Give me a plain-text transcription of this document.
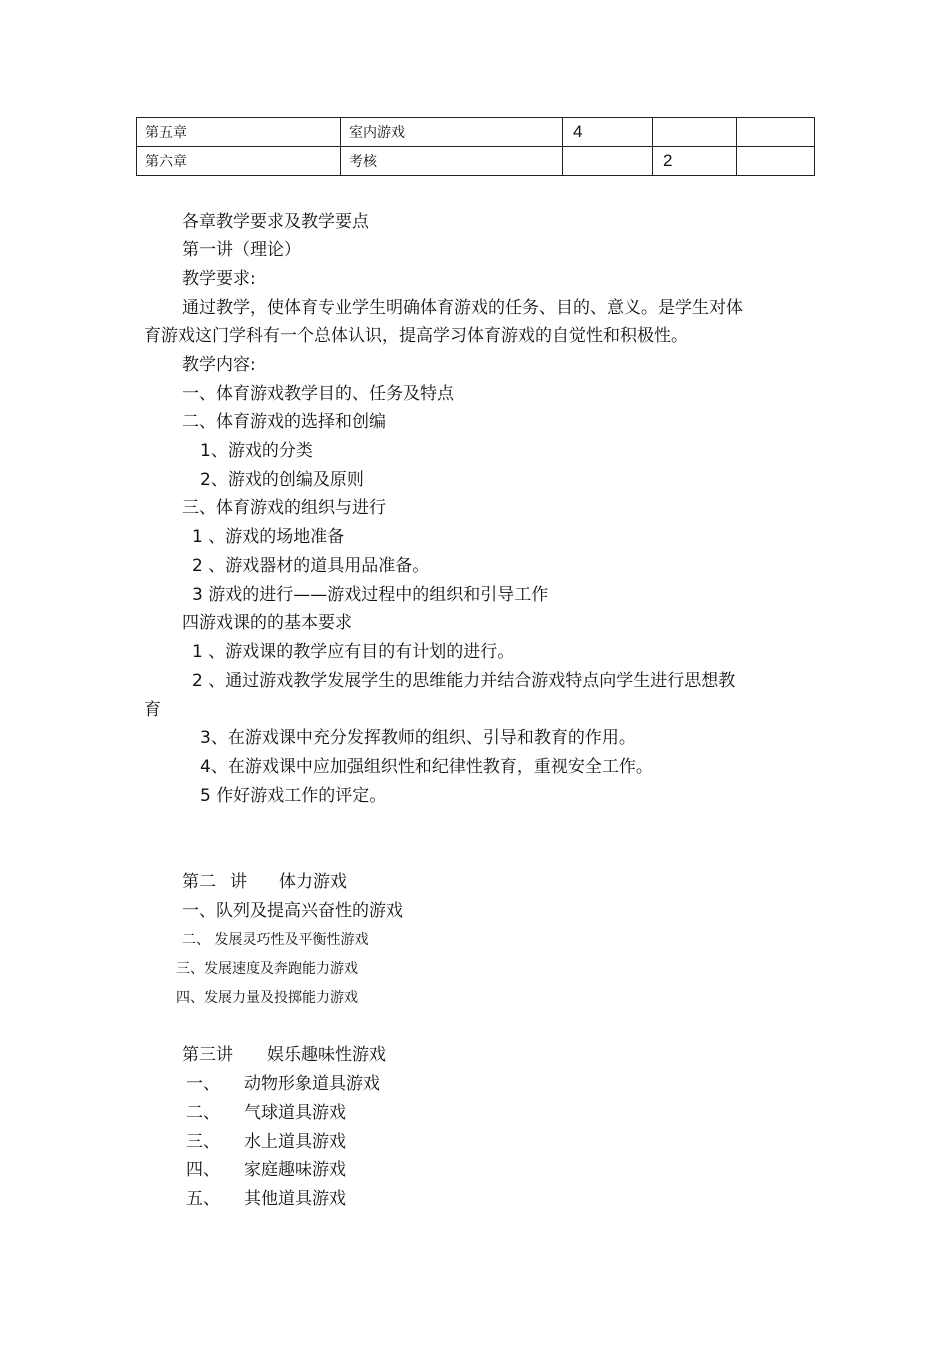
第五章	室内游戏	4		
第六章	考核		2	
各章教学要求及教学要点
第一讲（理论）
教学要求:
通过教学，使体育专业学生明确体育游戏的任务、目的、意义。是学生对体
育游戏这门学科有一个总体认识，提高学习体育游戏的自觉性和积极性。
教学内容:
一、体育游戏教学目的、任务及特点
二、体育游戏的选择和创编
1、游戏的分类
2、游戏的创编及原则
三、体育游戏的组织与进行
1 、游戏的场地准备
2 、游戏器材的道具用品准备。
3 游戏的进行——游戏过程中的组织和引导工作
四游戏课的的基本要求
1 、游戏课的教学应有目的有计划的进行。
2 、通过游戏教学发展学生的思维能力并结合游戏特点向学生进行思想教
育
3、在游戏课中充分发挥教师的组织、引导和教育的作用。
4、在游戏课中应加强组织性和纪律性教育，重视安全工作。
5 作好游戏工作的评定。
第二 讲 体力游戏
一、队列及提高兴奋性的游戏
二、 发展灵巧性及平衡性游戏
三、发展速度及奔跑能力游戏
四、发展力量及投掷能力游戏
第三讲 娱乐趣味性游戏
一、 动物形象道具游戏
二、 气球道具游戏
三、 水上道具游戏
四、 家庭趣味游戏
五、 其他道具游戏
